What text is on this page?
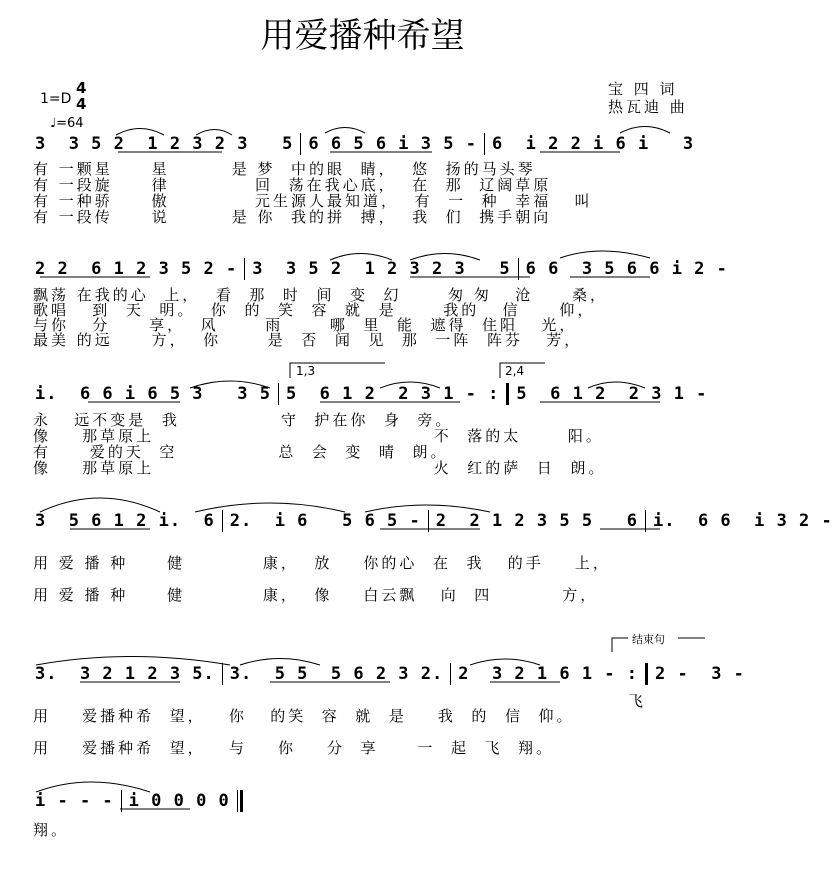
用爱播种希望
宝 四 词
热瓦迪 曲
1=D
4
4
♩=64
3  3 5 2  1 2 3 2 3   5 6 6 5 6 i 3 5 - 6  i 2 2 i 6 i   3
有 一颗星     星        是 梦  中的眼  睛，  悠  扬的马头琴
有 一段旋     律           回  荡在我心底，  在  那  辽阔草原
有 一种骄     傲           元生源人最知道，  有  一  种  幸福   叫
有 一段传     说        是 你  我的拼  搏，  我  们  携手朝向
2 2  6 1 2 3 5 2 - 3  3 5 2  1 2 3 2 3   5 6 6  3 5 6 6 i 2 -
飘荡 在我的心  上，  看  那  时  间  变  幻      匆 匆   沧     桑，
歌唱   到  天  明。  你  的  笑  容  就  是      我的   信     仰，
与你   分     享，  风      雨      哪  里  能  遮得  住阳   光，
最美 的远     方，  你      是  否  闻  见  那  一阵  阵芬   芳，
i.  6 6 i 6 5 3   3 5 5  6 1 2  2 3 1 - : 5  6 1 2  2 3 1 -
永   远不变是  我             守  护在你  身  旁。
像    那草原上                                    不  落的太      阳。
有     爱的天  空             总  会  变  晴  朗。
像    那草原上                                    火  红的萨  日  朗。
3  5 6 1 2 i.  6 2.  i 6   5 6 5 - 2  2 1 2 3 5 5   6 i.  6 6  i 3 2 -
用 爱 播 种     健          康，  放    你的心  在  我   的手    上，
用 爱 播 种     健          康，  像    白云飘   向  四         方，
3.  3 2 1 2 3 5. 3.  5 5  5 6 2 3 2. 2  3 2 1 6 1 - : 2 -  3 -
用    爱播种希  望，   你   的笑  容  就  是    我  的  信  仰。
用    爱播种希  望，   与    你    分  享     一  起  飞  翔。
飞
i - - - i 0 0 0 0
翔。
1,3	2,4
结束句
